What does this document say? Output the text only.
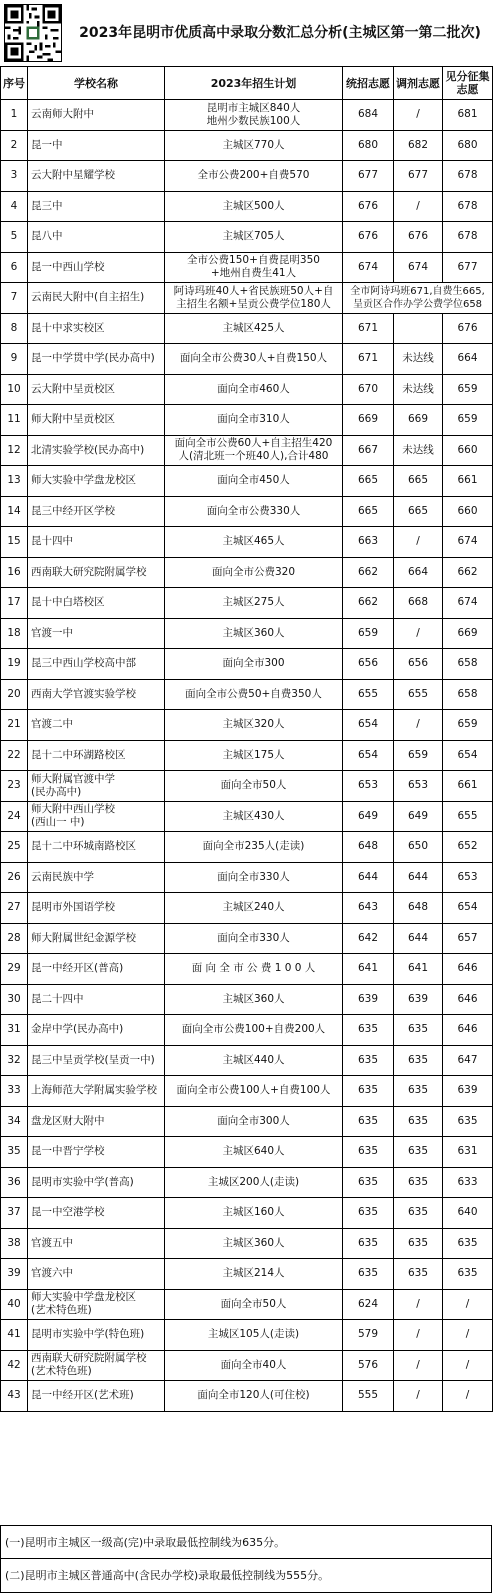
2023年昆明市优质高中录取分数汇总分析(主城区第一第二批次)
序号	学校名称	2023年招生计划	统招志愿	调剂志愿	见分征集志愿
1	云南师大附中	昆明市主城区840人
地州少数民族100人	684	/	681
2	昆一中	主城区770人	680	682	680
3	云大附中星耀学校	全市公费200+自费570	677	677	678
4	昆三中	主城区500人	676	/	678
5	昆八中	主城区705人	676	676	678
6	昆一中西山学校	全市公费150+自费昆明350
+地州自费生41人	674	674	677
7	云南民大附中(自主招生)	阿诗玛班40人+省民族班50人+自
主招生名额+呈贡公费学位180人	全市阿诗玛班671,自费生665,
呈贡区合作办学公费学位658		
8	昆十中求实校区	主城区425人	671		676
9	昆一中学贯中学(民办高中)	面向全市公费30人+自费150人	671	未达线	664
10	云大附中呈贡校区	面向全市460人	670	未达线	659
11	师大附中呈贡校区	面向全市310人	669	669	659
12	北清实验学校(民办高中)	面向全市公费60人+自主招生420
人(清北班一个班40人),合计480	667	未达线	660
13	师大实验中学盘龙校区	面向全市450人	665	665	661
14	昆三中经开区学校	面向全市公费330人	665	665	660
15	昆十四中	主城区465人	663	/	674
16	西南联大研究院附属学校	面向全市公费320	662	664	662
17	昆十中白塔校区	主城区275人	662	668	674
18	官渡一中	主城区360人	659	/	669
19	昆三中西山学校高中部	面向全市300	656	656	658
20	西南大学官渡实验学校	面向全市公费50+自费350人	655	655	658
21	官渡二中	主城区320人	654	/	659
22	昆十二中环湖路校区	主城区175人	654	659	654
23	师大附属官渡中学
(民办高中)	面向全市50人	653	653	661
24	师大附中西山学校
(西山一 中)	主城区430人	649	649	655
25	昆十二中环城南路校区	面向全市235人(走读)	648	650	652
26	云南民族中学	面向全市330人	644	644	653
27	昆明市外国语学校	主城区240人	643	648	654
28	师大附属世纪金源学校	面向全市330人	642	644	657
29	昆一中经开区(普高)	面 向 全 市 公 费 1 0 0 人	641	641	646
30	昆二十四中	主城区360人	639	639	646
31	金岸中学(民办高中)	面向全市公费100+自费200人	635	635	646
32	昆三中呈贡学校(呈贡一中)	主城区440人	635	635	647
33	上海师范大学附属实验学校	面向全市公费100人+自费100人	635	635	639
34	盘龙区财大附中	面向全市300人	635	635	635
35	昆一中晋宁学校	主城区640人	635	635	631
36	昆明市实验中学(普高)	主城区200人(走读)	635	635	633
37	昆一中空港学校	主城区160人	635	635	640
38	官渡五中	主城区360人	635	635	635
39	官渡六中	主城区214人	635	635	635
40	师大实验中学盘龙校区
(艺术特色班)	面向全市50人	624	/	/
41	昆明市实验中学(特色班)	主城区105人(走读)	579	/	/
42	西南联大研究院附属学校
(艺术特色班)	面向全市40人	576	/	/
43	昆一中经开区(艺术班)	面向全市120人(可住校)	555	/	/
(一)昆明市主城区一级高(完)中录取最低控制线为635分。
(二)昆明市主城区普通高中(含民办学校)录取最低控制线为555分。
